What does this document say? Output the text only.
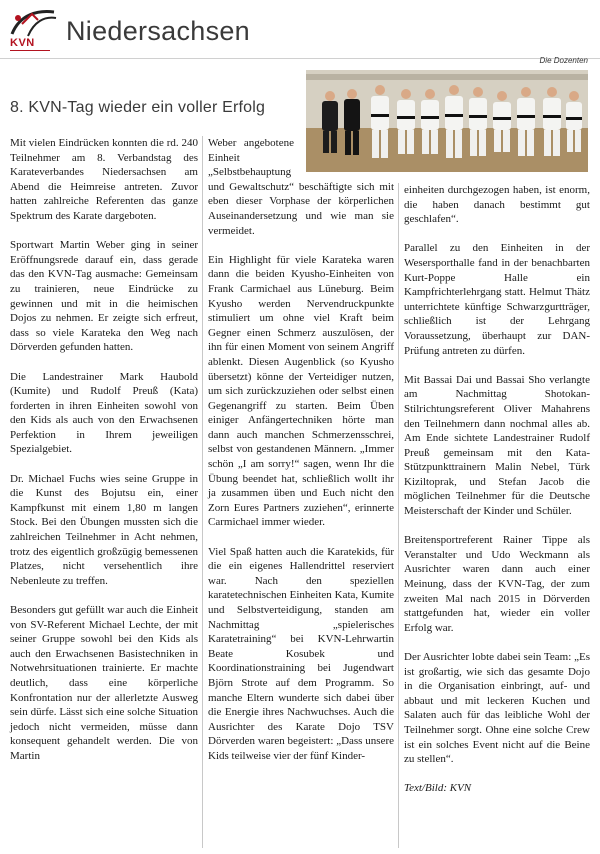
KVN Niedersachsen
Die Dozenten
8. KVN-Tag wieder ein voller Erfolg

Mit vielen Eindrücken konnten die rd. 240 Teilnehmer am 8. Verbandstag des Karateverbandes Niedersachsen am Abend die Heimreise antreten. Zuvor hatten zahlreiche Referenten das ganze Spektrum des Karate dargeboten.

Sportwart Martin Weber ging in seiner Eröffnungsrede darauf ein, dass gerade das den KVN-Tag ausmache: Gemeinsam zu trainieren, neue Eindrücke zu gewinnen und mit in die heimischen Dojos zu nehmen. Er zeigte sich erfreut, dass so viele Karateka den Weg nach Dörverden gefunden hatten.

Die Landestrainer Mark Haubold (Kumite) und Rudolf Preuß (Kata) forderten in ihren Einheiten sowohl von den Kids als auch von den Erwachsenen Perfektion in Ihrem jeweiligen Spezialgebiet.

Dr. Michael Fuchs wies seine Gruppe in die Kunst des Bojutsu ein, einer Kampfkunst mit einem 1,80 m langen Stock. Bei den Übungen mussten sich die zahlreichen Teilnehmer in Acht nehmen, trotz des eigentlich großzügig bemessenen Platzes, nicht versehentlich ihre Nebenleute zu treffen.

Besonders gut gefüllt war auch die Einheit von SV-Referent Michael Lechte, der mit seiner Gruppe sowohl bei den Kids als auch den Erwachsenen Basistechniken in Notwehrsituationen trainierte. Er machte deutlich, dass eine körperliche Konfrontation nur der allerletzte Ausweg sein dürfe. Lässt sich eine solche Situation jedoch nicht vermeiden, müsse dann konsequent gehandelt werden. Die von Martin

Weber angebotene Einheit „Selbstbehauptung und Gewaltschutz“ beschäftigte sich mit eben dieser Vorphase der körperlichen Auseinandersetzung und wie man sie vermeidet.

Ein Highlight für viele Karateka waren dann die beiden Kyusho-Einheiten von Frank Carmichael aus Lüneburg. Beim Kyusho werden Nervendruckpunkte stimuliert um ohne viel Kraft beim Gegner einen Schmerz auszulösen, der ihn für einen Moment von seinem Angriff ablenkt. Diesen Augenblick (so Kyusho übersetzt) könne der Verteidiger nutzen, um sich zurückzuziehen oder selbst einen Gegenangriff zu starten. Beim Üben einiger Anfängertechniken hörte man dann auch manchen Schmerzensschrei, selbst von gestandenen Männern. „Immer schön „I am sorry!“ sagen, wenn Ihr die Übung beendet hat, schließlich wollt ihr ja zusammen üben und Euch nicht den Zorn Eures Partners zuziehen“, erinnerte Carmichael immer wieder.

Viel Spaß hatten auch die Karatekids, für die ein eigenes Hallendrittel reserviert war. Nach den speziellen karatetechnischen Einheiten Kata, Kumite und Selbstverteidigung, standen am Nachmittag „spielerisches Karatetraining“ bei KVN-Lehrwartin Beate Kosubek und Koordinationstraining bei Jugendwart Björn Strote auf dem Programm. So manche Eltern wunderte sich dabei über die Energie ihres Nachwuchses. Auch die Ausrichter des Karate Dojo TSV Dörverden waren begeistert: „Dass unsere Kids teilweise vier der fünf Kinder-

einheiten durchgezogen haben, ist enorm, die haben danach bestimmt gut geschlafen“.

Parallel zu den Einheiten in der Wesersporthalle fand in der benachbarten Kurt-Poppe Halle ein Kampfrichterlehrgang statt. Helmut Thätz unterrichtete künftige Schwarzgurtträger, schließlich ist der Lehrgang Voraussetzung, überhaupt zur DAN-Prüfung antreten zu dürfen.

Mit Bassai Dai und Bassai Sho verlangte am Nachmittag Shotokan-Stilrichtungsreferent Oliver Mahahrens den Teilnehmern dann nochmal alles ab. Am Ende sichtete Landestrainer Rudolf Preuß gemeinsam mit den Kata-Stützpunkttrainern Malin Nebel, Türk Kiziltoprak, und Stefan Jacob die möglichen Teilnehmer für die Deutsche Meisterschaft der Kinder und Schüler.

Breitensportreferent Rainer Tippe als Veranstalter und Udo Weckmann als Ausrichter waren dann auch einer Meinung, dass der KVN-Tag, der zum zweiten Mal nach 2015 in Dörverden stattgefunden hat, wieder ein voller Erfolg war.

Der Ausrichter lobte dabei sein Team: „Es ist großartig, wie sich das gesamte Dojo in die Organisation einbringt, auf- und abbaut und mit leckeren Kuchen und Salaten auch für das leibliche Wohl der Teilnehmer sorgt. Ohne eine solche Crew ist ein solches Event nicht auf die Beine zu stellen“.

Text/Bild: KVN
